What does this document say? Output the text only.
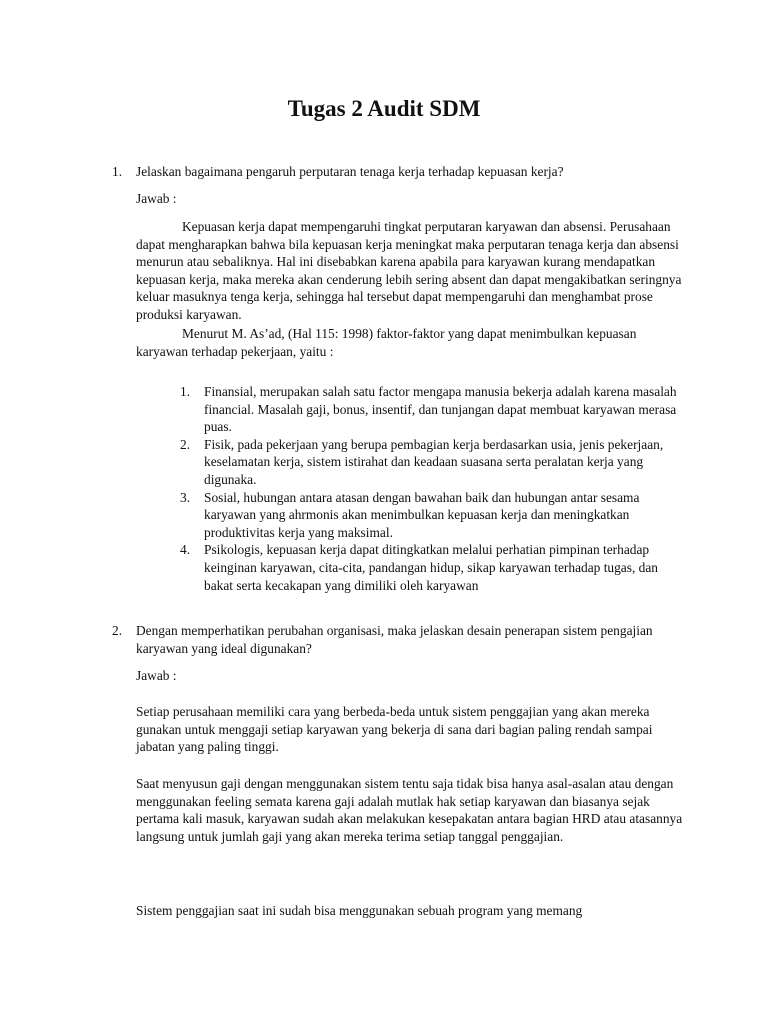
Tugas 2 Audit SDM
1.	Jelaskan bagaimana pengaruh perputaran tenaga kerja terhadap kepuasan kerja?

Jawab :

Kepuasan kerja dapat mempengaruhi tingkat perputaran karyawan dan absensi. Perusahaan dapat mengharapkan bahwa bila kepuasan kerja meningkat maka perputaran tenaga kerja dan absensi menurun atau sebaliknya. Hal ini disebabkan karena apabila para karyawan kurang mendapatkan kepuasan kerja, maka mereka akan cenderung lebih sering absent dan dapat mengakibatkan seringnya keluar masuknya tenga kerja, sehingga hal tersebut dapat mempengaruhi dan menghambat prose produksi karyawan.

Menurut M. As’ad, (Hal 115: 1998) faktor-faktor yang dapat menimbulkan kepuasan karyawan terhadap pekerjaan, yaitu :

1.	Finansial, merupakan salah satu factor mengapa manusia bekerja adalah karena masalah financial. Masalah gaji, bonus, insentif, dan tunjangan dapat membuat karyawan merasa puas.

2.	Fisik, pada pekerjaan yang berupa pembagian kerja berdasarkan usia, jenis pekerjaan, keselamatan kerja, sistem istirahat dan keadaan suasana serta peralatan kerja yang digunaka.

3.	Sosial, hubungan antara atasan dengan bawahan baik dan hubungan antar sesama karyawan yang ahrmonis akan menimbulkan kepuasan kerja dan meningkatkan produktivitas kerja yang maksimal.

4.	Psikologis, kepuasan kerja dapat ditingkatkan melalui perhatian pimpinan terhadap keinginan karyawan, cita-cita, pandangan hidup, sikap karyawan terhadap tugas, dan bakat serta kecakapan yang dimiliki oleh karyawan

2.	Dengan memperhatikan perubahan organisasi, maka jelaskan desain penerapan sistem pengajian karyawan yang ideal digunakan?

Jawab :

Setiap perusahaan memiliki cara yang berbeda-beda untuk sistem penggajian yang akan mereka gunakan untuk menggaji setiap karyawan yang bekerja di sana dari bagian paling rendah sampai jabatan yang paling tinggi.

Saat menyusun gaji dengan menggunakan sistem tentu saja tidak bisa hanya asal-asalan atau dengan menggunakan feeling semata karena gaji adalah mutlak hak setiap karyawan dan biasanya sejak pertama kali masuk, karyawan sudah akan melakukan kesepakatan antara bagian HRD atau atasannya langsung untuk jumlah gaji yang akan mereka terima setiap tanggal penggajian.

Sistem penggajian saat ini sudah bisa menggunakan sebuah program yang memang
